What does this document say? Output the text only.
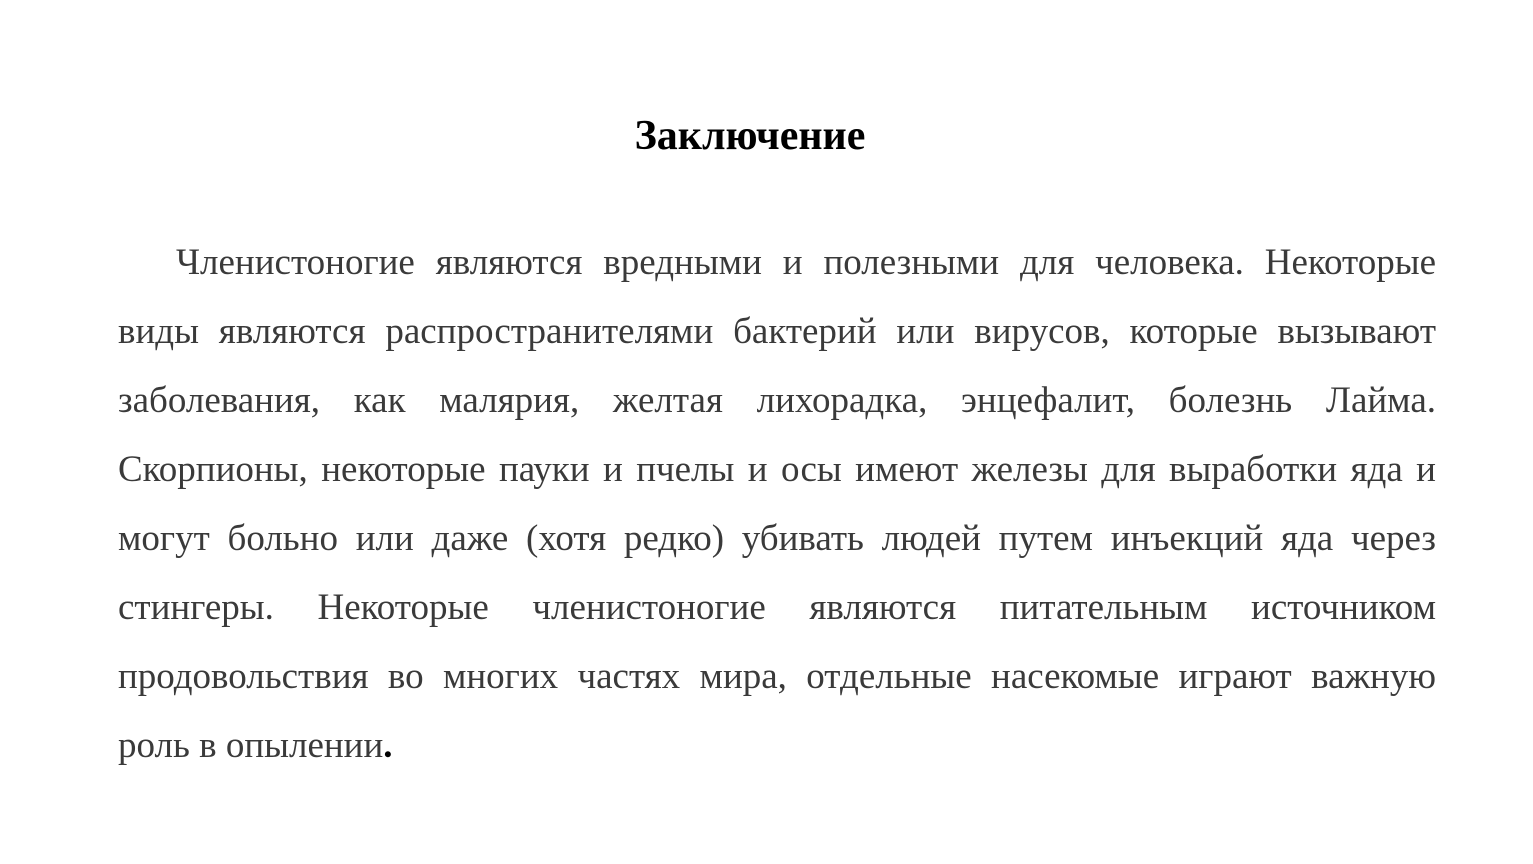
Заключение

Членистоногие являются вредными и полезными для человека. Некоторые виды являются распространителями бактерий или вирусов, которые вызывают заболевания, как малярия, желтая лихорадка, энцефалит, болезнь Лайма. Скорпионы, некоторые пауки и пчелы и осы имеют железы для выработки яда и могут больно или даже (хотя редко) убивать людей путем инъекций яда через стингеры. Некоторые членистоногие являются питательным источником продовольствия во многих частях мира, отдельные насекомые играют важную роль в опылении.
